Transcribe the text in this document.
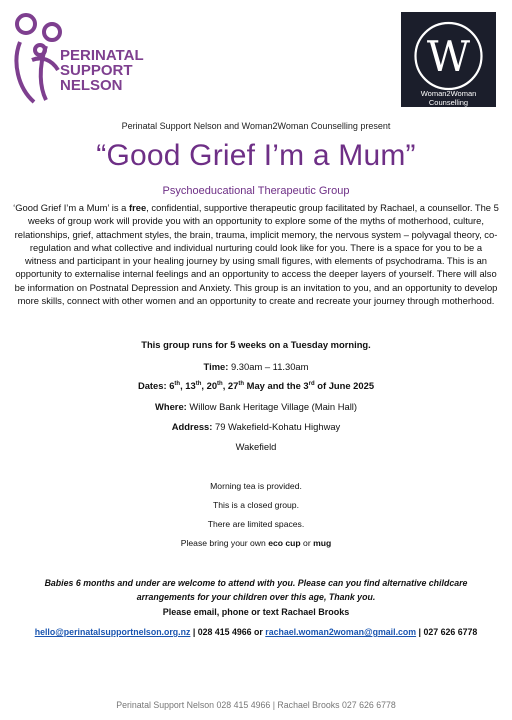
PERINATAL
SUPPORT
NELSON
W
Woman2Woman Counselling
Perinatal Support Nelson and Woman2Woman Counselling present
“Good Grief I’m a Mum”
Psychoeducational Therapeutic Group
‘Good Grief I’m a Mum’ is a free, confidential, supportive therapeutic group facilitated by Rachael, a counsellor. The 5 weeks of group work will provide you with an opportunity to explore some of the myths of motherhood, culture, relationships, grief, attachment styles, the brain, trauma, implicit memory, the nervous system – polyvagal theory, co-regulation and what collective and individual nurturing could look like for you. There is a space for you to be a witness and participant in your healing journey by using small figures, with elements of psychodrama. This is an opportunity to externalise internal feelings and an opportunity to access the deeper layers of yourself. There will also be information on Postnatal Depression and Anxiety. This group is an invitation to you, and an opportunity to develop more skills, connect with other women and an opportunity to create and recreate your journey through motherhood.
This group runs for 5 weeks on a Tuesday morning.
Time: 9.30am – 11.30am
Dates: 6th, 13th, 20th, 27th May and the 3rd of June 2025
Where: Willow Bank Heritage Village (Main Hall)
Address: 79 Wakefield-Kohatu Highway
Wakefield
Morning tea is provided.
This is a closed group.
There are limited spaces.
Please bring your own eco cup or mug
Babies 6 months and under are welcome to attend with you. Please can you find alternative childcare arrangements for your children over this age, Thank you.
Please email, phone or text Rachael Brooks
hello@perinatalsupportnelson.org.nz | 028 415 4966 or rachael.woman2woman@gmail.com | 027 626 6778
Perinatal Support Nelson 028 415 4966 | Rachael Brooks 027 626 6778
